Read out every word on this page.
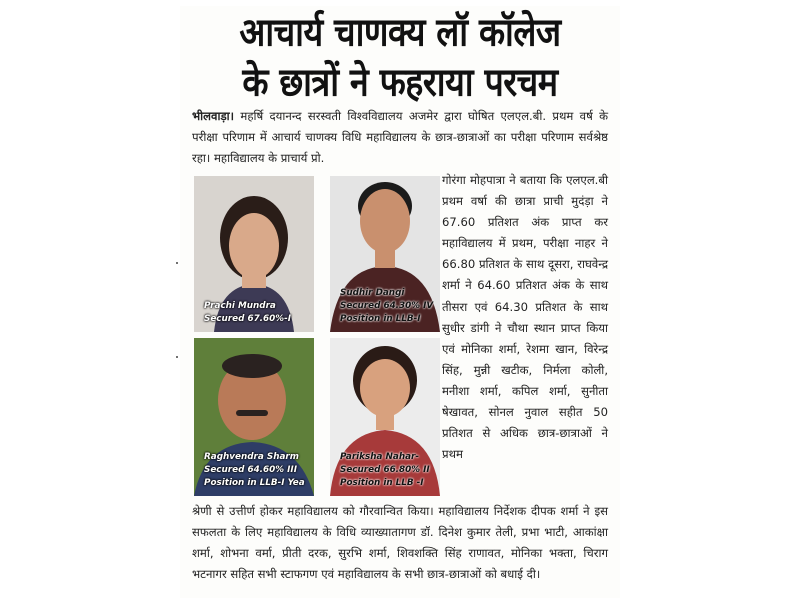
आचार्य चाणक्य लॉ कॉलेज
के छात्रों ने फहराया परचम
भीलवाड़ा। महर्षि दयानन्द सरस्वती विश्वविद्यालय अजमेर द्वारा घोषित एलएल.बी. प्रथम वर्ष के परीक्षा परिणाम में आचार्य चाणक्य विधि महाविद्यालय के छात्र-छात्राओं का परीक्षा परिणाम सर्वश्रेष्ठ रहा। महाविद्यालय के प्राचार्य प्रो.
Prachi Mundra
Secured 67.60%-I
Sudhir Dangi
Secured 64.30% IV
Position in LLB-I
Raghvendra Sharm
Secured 64.60% III
Position in LLB-I Yea
Pariksha Nahar-
Secured 66.80% II
Position in LLB -I
गोरंगा मोहपात्रा ने बताया कि एलएल.बी प्रथम वर्षा की छात्रा प्राची मुदंड़ा ने 67.60 प्रतिशत अंक प्राप्त कर महाविद्यालय में प्रथम, परीक्षा नाहर ने 66.80 प्रतिशत के साथ दूसरा, राघवेन्द्र शर्मा ने 64.60 प्रतिशत अंक के साथ तीसरा एवं 64.30 प्रतिशत के साथ सुधीर डांगी ने चौथा स्थान प्राप्त किया एवं मोनिका शर्मा, रेशमा खान, विरेन्द्र सिंह, मुन्नी खटीक, निर्मला कोली, मनीशा शर्मा, कपिल शर्मा, सुनीता षेखावत, सोनल नुवाल सहीत 50 प्रतिशत से अधिक छात्र-छात्राओं ने प्रथम
श्रेणी से उत्तीर्ण होकर महाविद्यालय को गौरवान्वित किया। महाविद्यालय निर्देशक दीपक शर्मा ने इस सफलता के लिए महाविद्यालय के विधि व्याख्यातागण डॉ. दिनेश कुमार तेली, प्रभा भाटी, आकांक्षा शर्मा, शोभना वर्मा, प्रीती दरक, सुरभि शर्मा, शिवशक्ति सिंह राणावत, मोनिका भक्ता, चिराग भटनागर सहित सभी स्टाफगण एवं महाविद्यालय के सभी छात्र-छात्राओं को बधाई दी।
